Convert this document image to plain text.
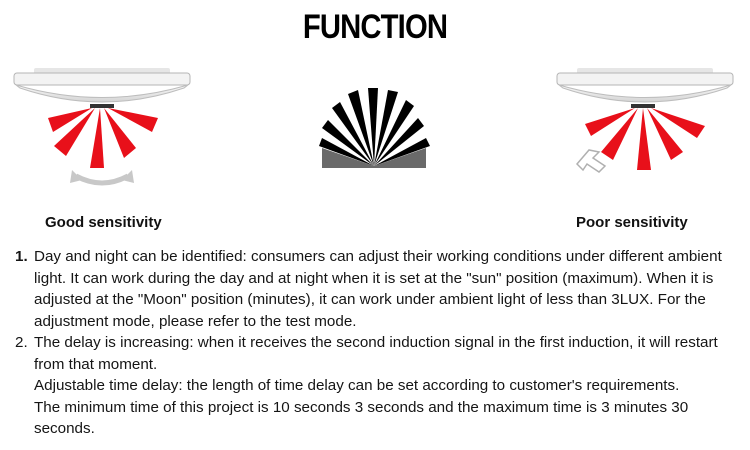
FUNCTION
Good sensitivity	Poor sensitivity
1. Day and night can be identified: consumers can adjust their working conditions under different ambient light. It can work during the day and at night when it is set at the "sun" position (maximum). When it is adjusted at the "Moon" position (minutes), it can work under ambient light of less than 3LUX. For the adjustment mode, please refer to the test mode.

2. The delay is increasing: when it receives the second induction signal in the first induction, it will restart from that moment.

Adjustable time delay: the length of time delay can be set according to customer's requirements.

The minimum time of this project is 10 seconds 3 seconds and the maximum time is 3 minutes 30 seconds.
